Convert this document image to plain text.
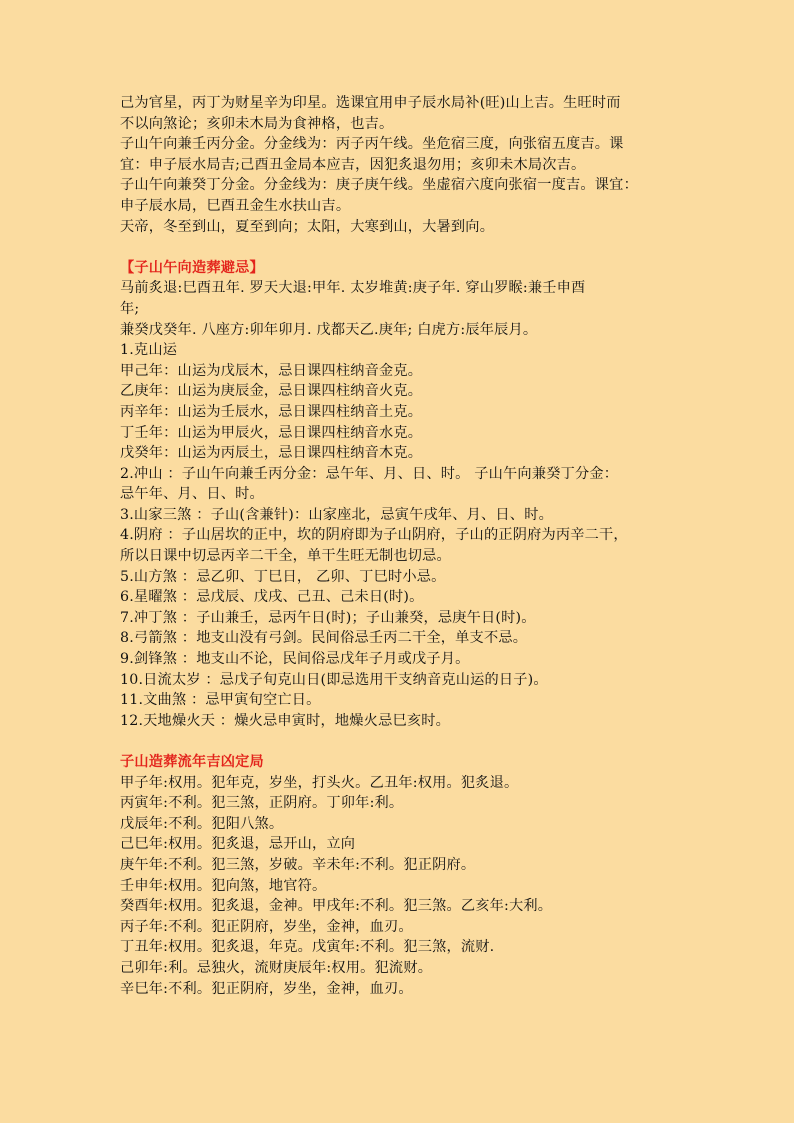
己为官星，丙丁为财星辛为印星。选课宜用申子辰水局补(旺)山上吉。生旺时而
不以向煞论；亥卯未木局为食神格，也吉。
子山午向兼壬丙分金。分金线为：丙子丙午线。坐危宿三度，向张宿五度吉。课
宜：申子辰水局吉;己酉丑金局本应吉，因犯炙退勿用；亥卯未木局次吉。
子山午向兼癸丁分金。分金线为：庚子庚午线。坐虚宿六度向张宿一度吉。课宜：
申子辰水局，巳酉丑金生水扶山吉。
天帝，冬至到山，夏至到向；太阳，大寒到山，大暑到向。
【子山午向造葬避忌】
马前炙退:巳酉丑年. 罗天大退:甲年. 太岁堆黄:庚子年. 穿山罗睺:兼壬申酉
年;
兼癸戊癸年. 八座方:卯年卯月. 戊都天乙.庚年; 白虎方:辰年辰月。
1.克山运
甲己年：山运为戊辰木，忌日课四柱纳音金克。
乙庚年：山运为庚辰金，忌日课四柱纳音火克。
丙辛年：山运为壬辰水，忌日课四柱纳音土克。
丁壬年：山运为甲辰火，忌日课四柱纳音水克。
戊癸年：山运为丙辰土，忌日课四柱纳音木克。
2.冲山 ：子山午向兼壬丙分金：忌午年、月、日、时。 子山午向兼癸丁分金：
忌午年、月、日、时。
3.山家三煞 ：子山(含兼针)：山家座北，忌寅午戌年、月、日、时。
4.阴府 ：子山居坎的正中，坎的阴府即为子山阴府，子山的正阴府为丙辛二干，
所以日课中切忌丙辛二干全，单干生旺无制也切忌。
5.山方煞 ：忌乙卯、丁巳日， 乙卯、丁巳时小忌。
6.星曜煞 ：忌戊辰、戊戌、己丑、己未日(时)。
7.冲丁煞 ：子山兼壬，忌丙午日(时)；子山兼癸，忌庚午日(时)。
8.弓箭煞 ：地支山没有弓剑。民间俗忌壬丙二干全，单支不忌。
9.剑锋煞 ：地支山不论，民间俗忌戊年子月或戊子月。
10.日流太岁 ：忌戊子旬克山日(即忌选用干支纳音克山运的日子)。
11.文曲煞 ：忌甲寅旬空亡日。
12.天地燥火天 ：燥火忌申寅时，地燥火忌巳亥时。
子山造葬流年吉凶定局
甲子年:权用。犯年克，岁坐，打头火。乙丑年:权用。犯炙退。
丙寅年:不利。犯三煞，正阴府。丁卯年:利。
戊辰年:不利。犯阳八煞。
己巳年:权用。犯炙退，忌开山，立向
庚午年:不利。犯三煞，岁破。辛未年:不利。犯正阴府。
壬申年:权用。犯向煞，地官符。
癸酉年:权用。犯炙退，金神。甲戌年:不利。犯三煞。乙亥年:大利。
丙子年:不利。犯正阴府，岁坐，金神，血刃。
丁丑年:权用。犯炙退，年克。戊寅年:不利。犯三煞，流财.
己卯年:利。忌独火，流财庚辰年:权用。犯流财。
辛巳年:不利。犯正阴府，岁坐，金神，血刃。
